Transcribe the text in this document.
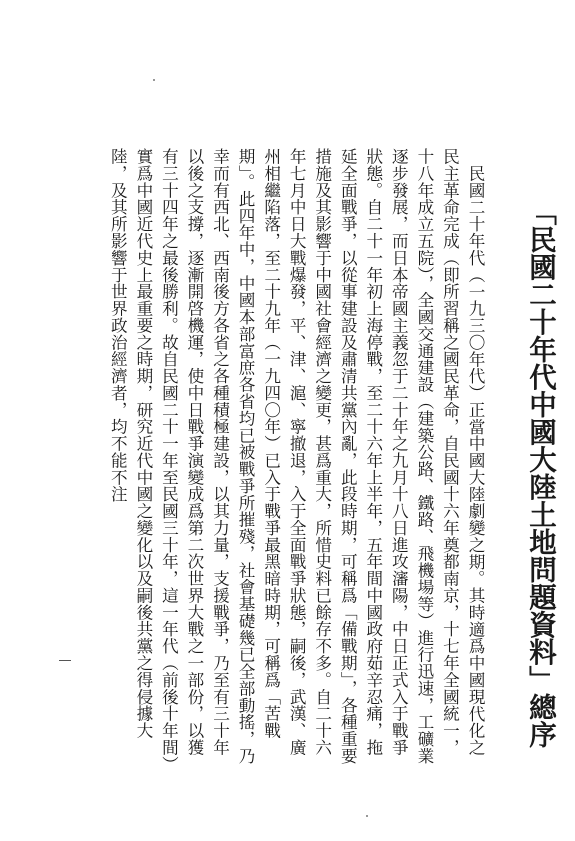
「民國二十年代中國大陸土地問題資料」總序

民國二十年代（一九三〇年代）正當中國大陸劇變之期。其時適爲中國現代化之民主革命完成（即所習稱之國民革命，自民國十六年奠都南京，十七年全國統一，十八年成立五院），全國交通建設（建築公路、鐵路、飛機場等）進行迅速，工礦業逐步發展，而日本帝國主義忽于二十年之九月十八日進攻瀋陽，中日正式入于戰爭狀態。自二十一年初上海停戰，至二十六年上半年，五年間中國政府茹辛忍痛，拖延全面戰爭，以從事建設及肅清共黨內亂，此段時期，可稱爲「備戰期」，各種重要措施及其影響于中國社會經濟之變更，甚爲重大，所惜史料已餘存不多。自二十六年七月中日大戰爆發，平、津、滬、寧撤退，入于全面戰爭狀態，嗣後，武漢、廣州相繼陷落，至二十九年（一九四〇年）已入于戰爭最黑暗時期，可稱爲「苦戰期」。此四年中，中國本部富庶各省均已被戰爭所摧殘，社會基礎幾已全部動搖，乃幸而有西北、西南後方各省之各種積極建設，以其力量，支援戰爭，乃至有三十年以後之支撐，逐漸開啓機運，使中日戰爭演變成爲第二次世界大戰之一部份，以獲有三十四年之最後勝利。故自民國二十一年至民國三十年，這一年代（前後十年間）實爲中國近代史上最重要之時期，研究近代中國之變化以及嗣後共黨之得侵據大陸，及其所影響于世界政治經濟者，均不能不注
